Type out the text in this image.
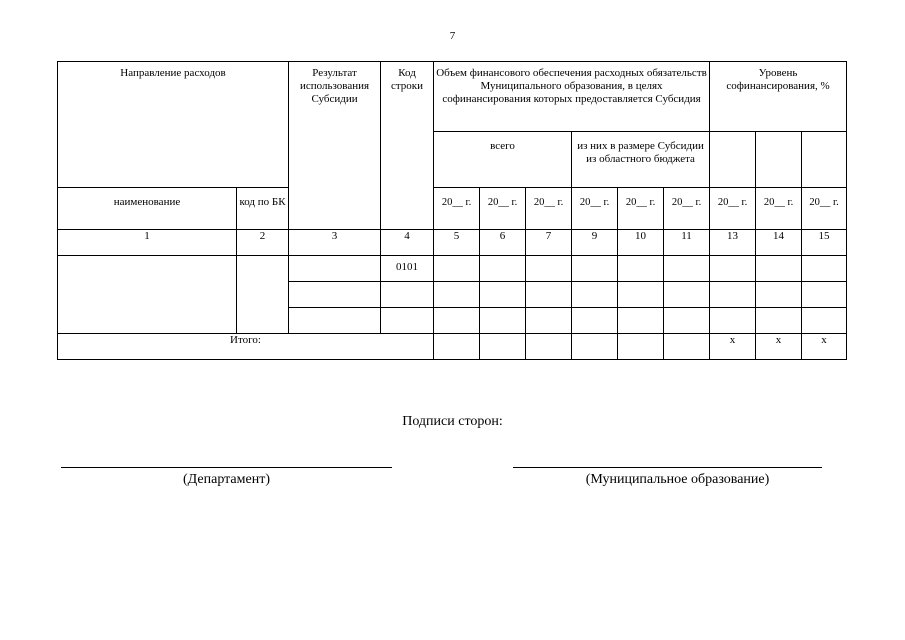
7
Направление расходов		Результат использования Субсидии	Код строки	Объем финансового обеспечения расходных обязательств Муниципального образования, в целях софинансирования которых предоставляется Субсидия						Уровень софинансирования, %		
				всего			из них в размере Субсидии из областного бюджета					
наименование	код по БК			20__ г.	20__ г.	20__ г.	20__ г.	20__ г.	20__ г.	20__ г.	20__ г.	20__ г.
1	2	3	4	5	6	7	9	10	11	13	14	15
			0101									

Итого:										х	х	х
Подписи сторон:
(Департамент)	(Муниципальное образование)
